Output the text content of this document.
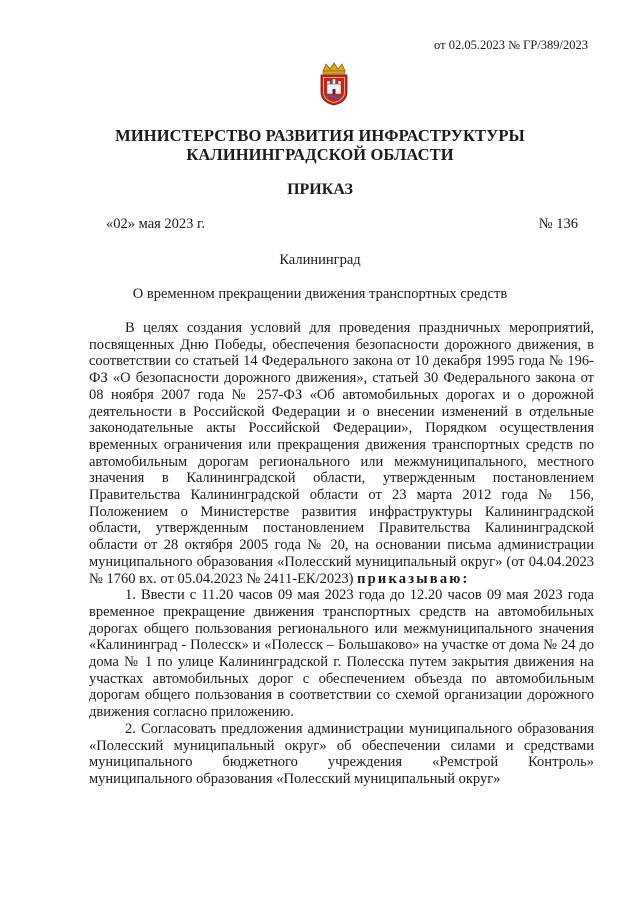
от 02.05.2023 № ГР/389/2023
МИНИСТЕРСТВО РАЗВИТИЯ ИНФРАСТРУКТУРЫ
КАЛИНИНГРАДСКОЙ ОБЛАСТИ
ПРИКАЗ
«02» мая 2023 г.	№ 136
Калининград
О временном прекращении движения транспортных средств

В целях создания условий для проведения праздничных мероприятий, посвященных Дню Победы, обеспечения безопасности дорожного движения, в соответствии со статьей 14 Федерального закона от 10 декабря 1995 года № 196-ФЗ «О безопасности дорожного движения», статьей 30 Федерального закона от 08 ноября 2007 года № 257-ФЗ «Об автомобильных дорогах и о дорожной деятельности в Российской Федерации и о внесении изменений в отдельные законодательные акты Российской Федерации», Порядком осуществления временных ограничения или прекращения движения транспортных средств по автомобильным дорогам регионального или межмуниципального, местного значения в Калининградской области, утвержденным постановлением Правительства Калининградской области от 23 марта 2012 года № 156, Положением о Министерстве развития инфраструктуры Калининградской области, утвержденным постановлением Правительства Калининградской области от 28 октября 2005 года № 20, на основании письма администрации муниципального образования «Полесский муниципальный округ» (от 04.04.2023 № 1760 вх. от 05.04.2023 № 2411-ЕК/2023) приказываю:

1. Ввести с 11.20 часов 09 мая 2023 года до 12.20 часов 09 мая 2023 года временное прекращение движения транспортных средств на автомобильных дорогах общего пользования регионального или межмуниципального значения «Калининград - Полесск» и «Полесск – Большаково» на участке от дома № 24 до дома № 1 по улице Калининградской г. Полесска путем закрытия движения на участках автомобильных дорог с обеспечением объезда по автомобильным дорогам общего пользования в соответствии со схемой организации дорожного движения согласно приложению.

2. Согласовать предложения администрации муниципального образования «Полесский муниципальный округ» об обеспечении силами и средствами муниципального бюджетного учреждения «Ремстрой Контроль» муниципального образования «Полесский муниципальный округ»
